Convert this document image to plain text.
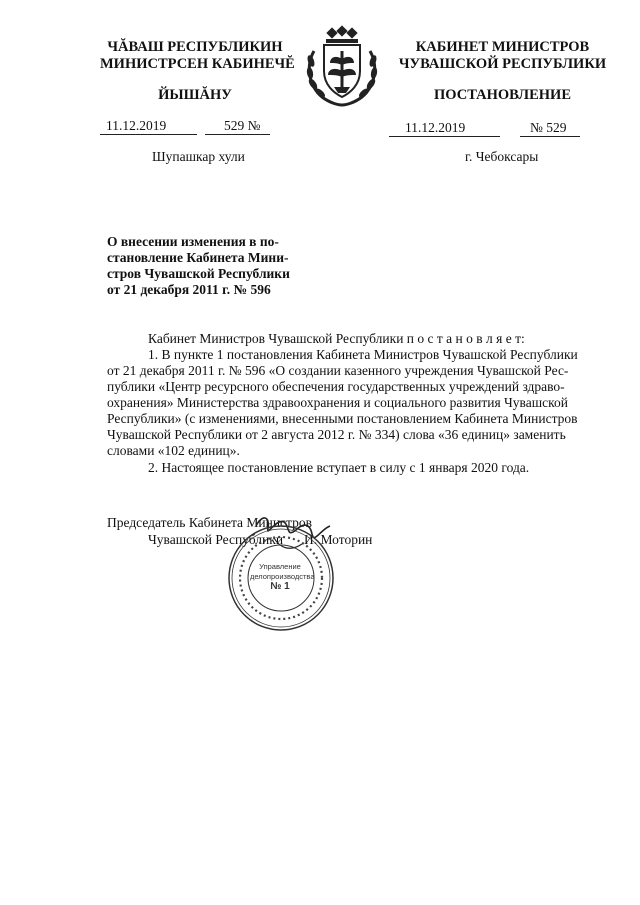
ЧĂВАШ РЕСПУБЛИКИН
МИНИСТРСЕН КАБИНЕЧĔ
ЙЫШĂНУ
КАБИНЕТ МИНИСТРОВ
ЧУВАШСКОЙ РЕСПУБЛИКИ
ПОСТАНОВЛЕНИЕ
11.12.2019	529 №
Шупашкар хули
11.12.2019	№ 529
г. Чебоксары
О внесении изменения в по-
становление Кабинета Мини-
стров Чувашской Республики
от 21 декабря 2011 г. № 596
Кабинет Министров Чувашской Республики п о с т а н о в л я е т:
1. В пункте 1 постановления Кабинета Министров Чувашской Республики
от 21 декабря 2011 г. № 596 «О создании казенного учреждения Чувашской Рес-
публики «Центр ресурсного обеспечения государственных учреждений здраво-
охранения» Министерства здравоохранения и социального развития Чувашской
Республики» (с изменениями, внесенными постановлением Кабинета Министров
Чувашской Республики от 2 августа 2012 г. № 334) слова «36 единиц» заменить
словами «102 единиц».
2. Настоящее постановление вступает в силу с 1 января 2020 года.
Председатель Кабинета Министров
Чувашской Республики И. Моторин
Управление
делопроизводства
№ 1
